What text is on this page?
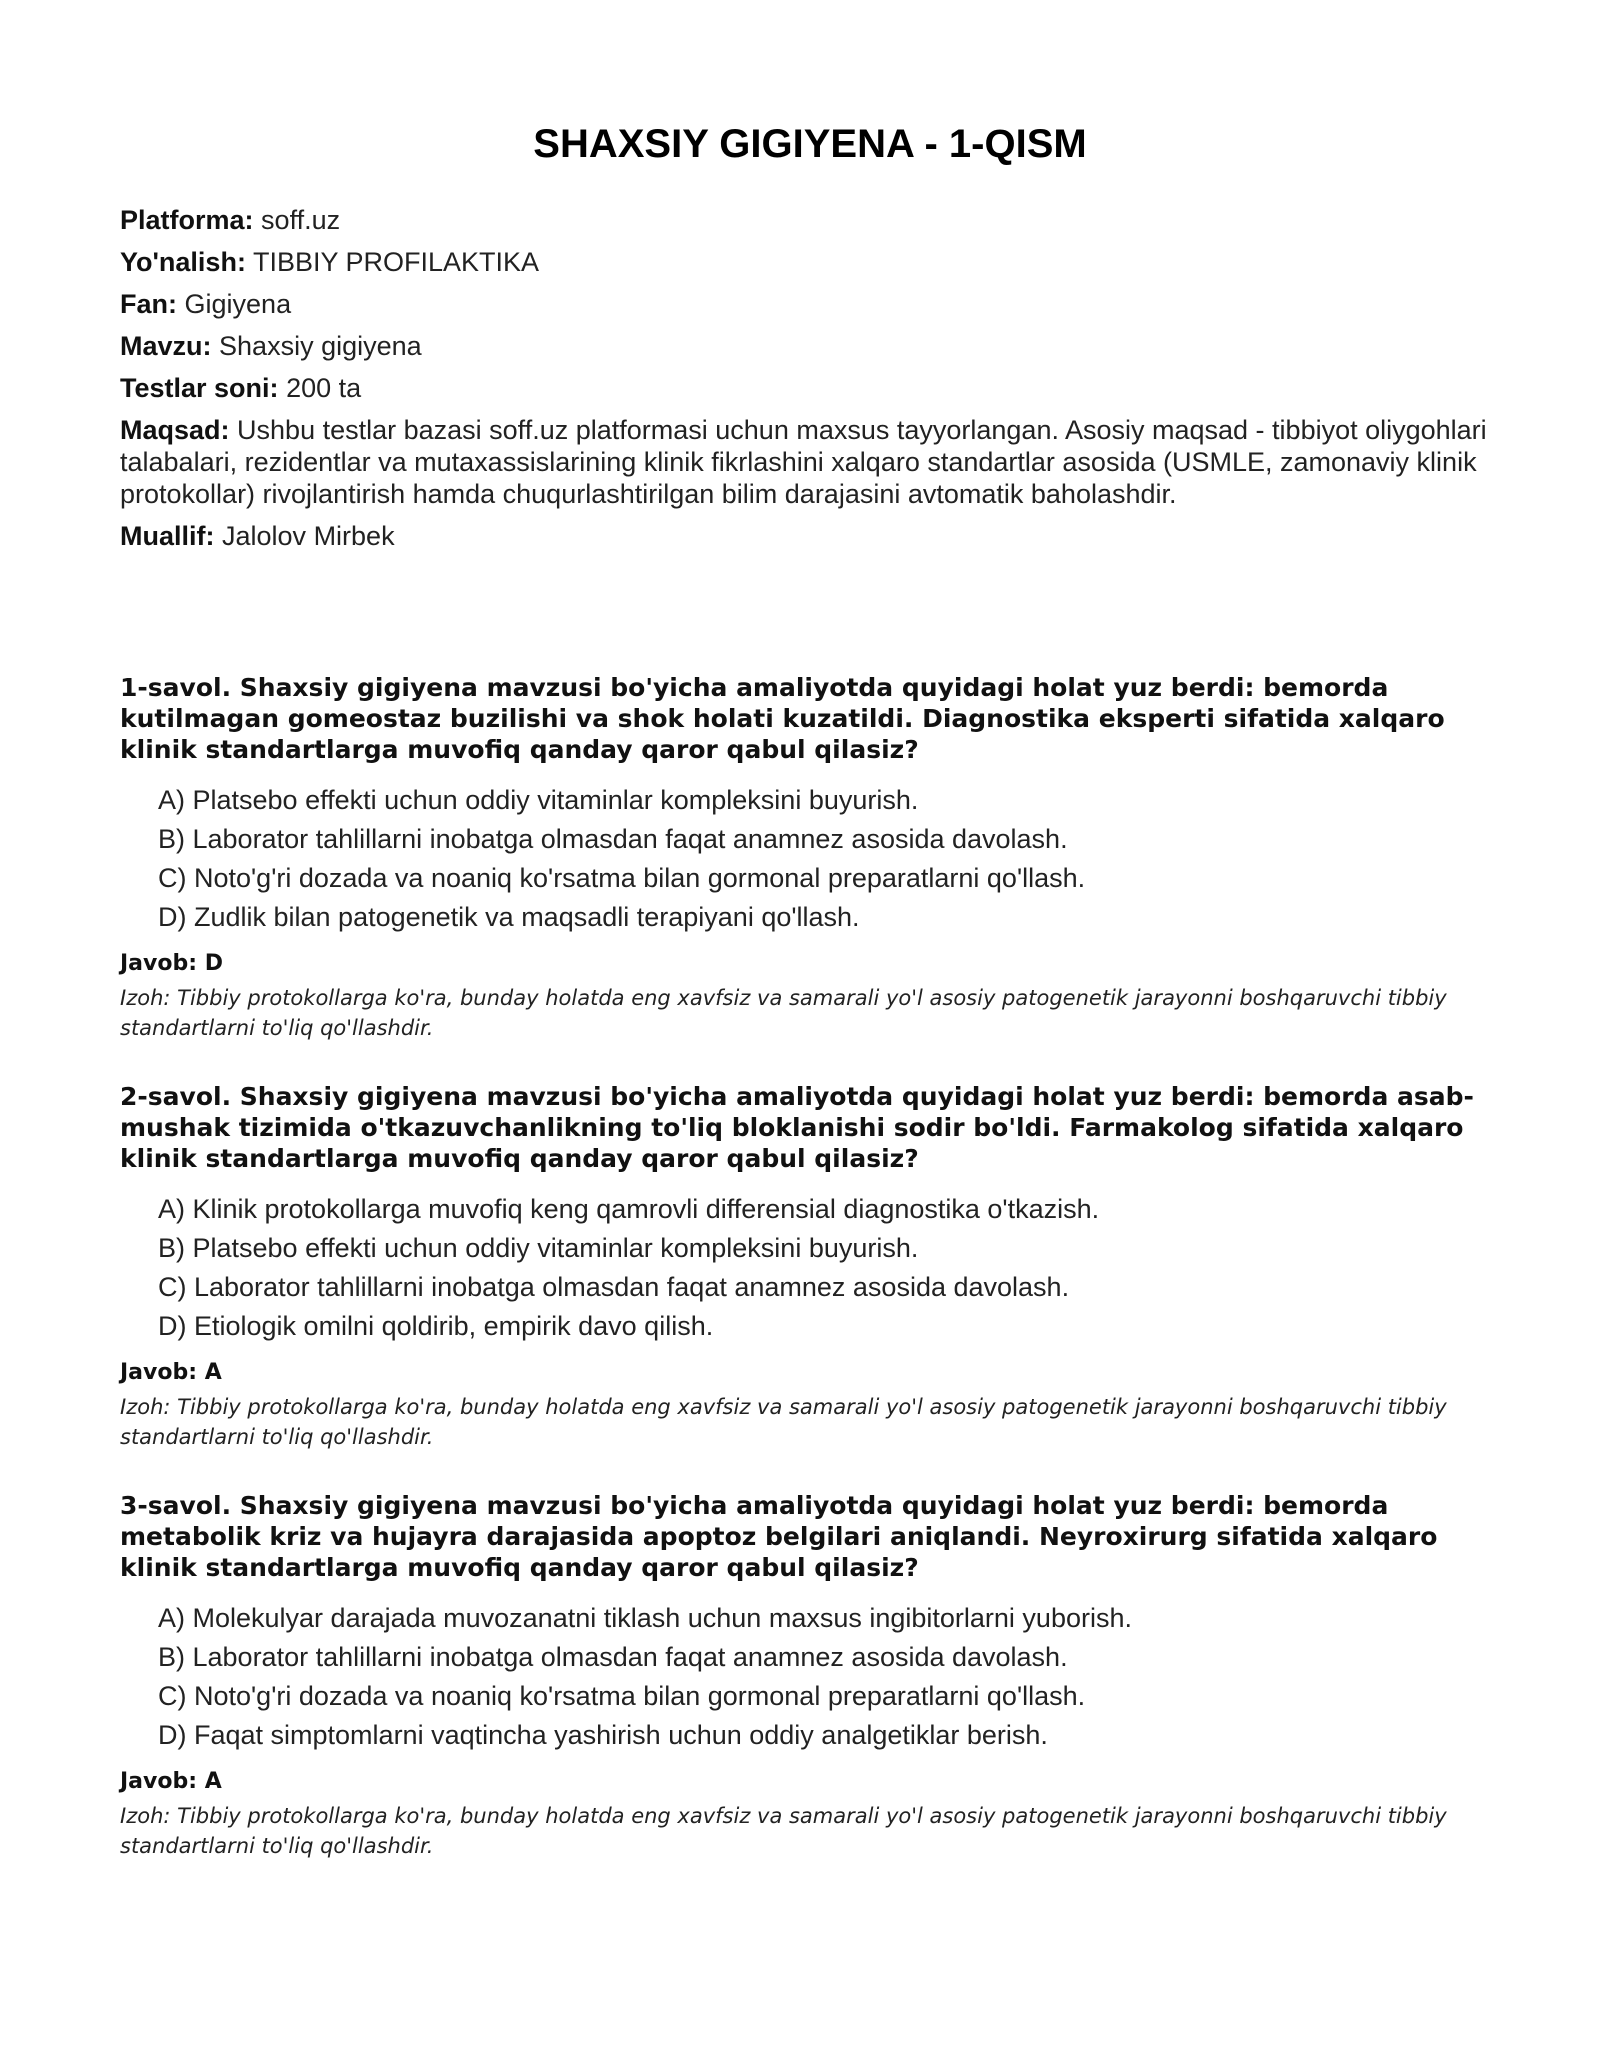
SHAXSIY GIGIYENA - 1-QISM

Platforma: soff.uz

Yo'nalish: TIBBIY PROFILAKTIKA

Fan: Gigiyena

Mavzu: Shaxsiy gigiyena

Testlar soni: 200 ta

Maqsad: Ushbu testlar bazasi soff.uz platformasi uchun maxsus tayyorlangan. Asosiy maqsad - tibbiyot oliygohlari talabalari, rezidentlar va mutaxassislarining klinik fikrlashini xalqaro standartlar asosida (USMLE, zamonaviy klinik protokollar) rivojlantirish hamda chuqurlashtirilgan bilim darajasini avtomatik baholashdir.

Muallif: Jalolov Mirbek

1-savol. Shaxsiy gigiyena mavzusi bo'yicha amaliyotda quyidagi holat yuz berdi: bemorda kutilmagan gomeostaz buzilishi va shok holati kuzatildi. Diagnostika eksperti sifatida xalqaro klinik standartlarga muvofiq qanday qaror qabul qilasiz?

A) Platsebo effekti uchun oddiy vitaminlar kompleksini buyurish.
B) Laborator tahlillarni inobatga olmasdan faqat anamnez asosida davolash.
C) Noto'g'ri dozada va noaniq ko'rsatma bilan gormonal preparatlarni qo'llash.
D) Zudlik bilan patogenetik va maqsadli terapiyani qo'llash.

Javob: D

Izoh: Tibbiy protokollarga ko'ra, bunday holatda eng xavfsiz va samarali yo'l asosiy patogenetik jarayonni boshqaruvchi tibbiy standartlarni to'liq qo'llashdir.

2-savol. Shaxsiy gigiyena mavzusi bo'yicha amaliyotda quyidagi holat yuz berdi: bemorda asab-mushak tizimida o'tkazuvchanlikning to'liq bloklanishi sodir bo'ldi. Farmakolog sifatida xalqaro klinik standartlarga muvofiq qanday qaror qabul qilasiz?

A) Klinik protokollarga muvofiq keng qamrovli differensial diagnostika o'tkazish.
B) Platsebo effekti uchun oddiy vitaminlar kompleksini buyurish.
C) Laborator tahlillarni inobatga olmasdan faqat anamnez asosida davolash.
D) Etiologik omilni qoldirib, empirik davo qilish.

Javob: A

Izoh: Tibbiy protokollarga ko'ra, bunday holatda eng xavfsiz va samarali yo'l asosiy patogenetik jarayonni boshqaruvchi tibbiy standartlarni to'liq qo'llashdir.

3-savol. Shaxsiy gigiyena mavzusi bo'yicha amaliyotda quyidagi holat yuz berdi: bemorda metabolik kriz va hujayra darajasida apoptoz belgilari aniqlandi. Neyroxirurg sifatida xalqaro klinik standartlarga muvofiq qanday qaror qabul qilasiz?

A) Molekulyar darajada muvozanatni tiklash uchun maxsus ingibitorlarni yuborish.
B) Laborator tahlillarni inobatga olmasdan faqat anamnez asosida davolash.
C) Noto'g'ri dozada va noaniq ko'rsatma bilan gormonal preparatlarni qo'llash.
D) Faqat simptomlarni vaqtincha yashirish uchun oddiy analgetiklar berish.

Javob: A

Izoh: Tibbiy protokollarga ko'ra, bunday holatda eng xavfsiz va samarali yo'l asosiy patogenetik jarayonni boshqaruvchi tibbiy standartlarni to'liq qo'llashdir.
